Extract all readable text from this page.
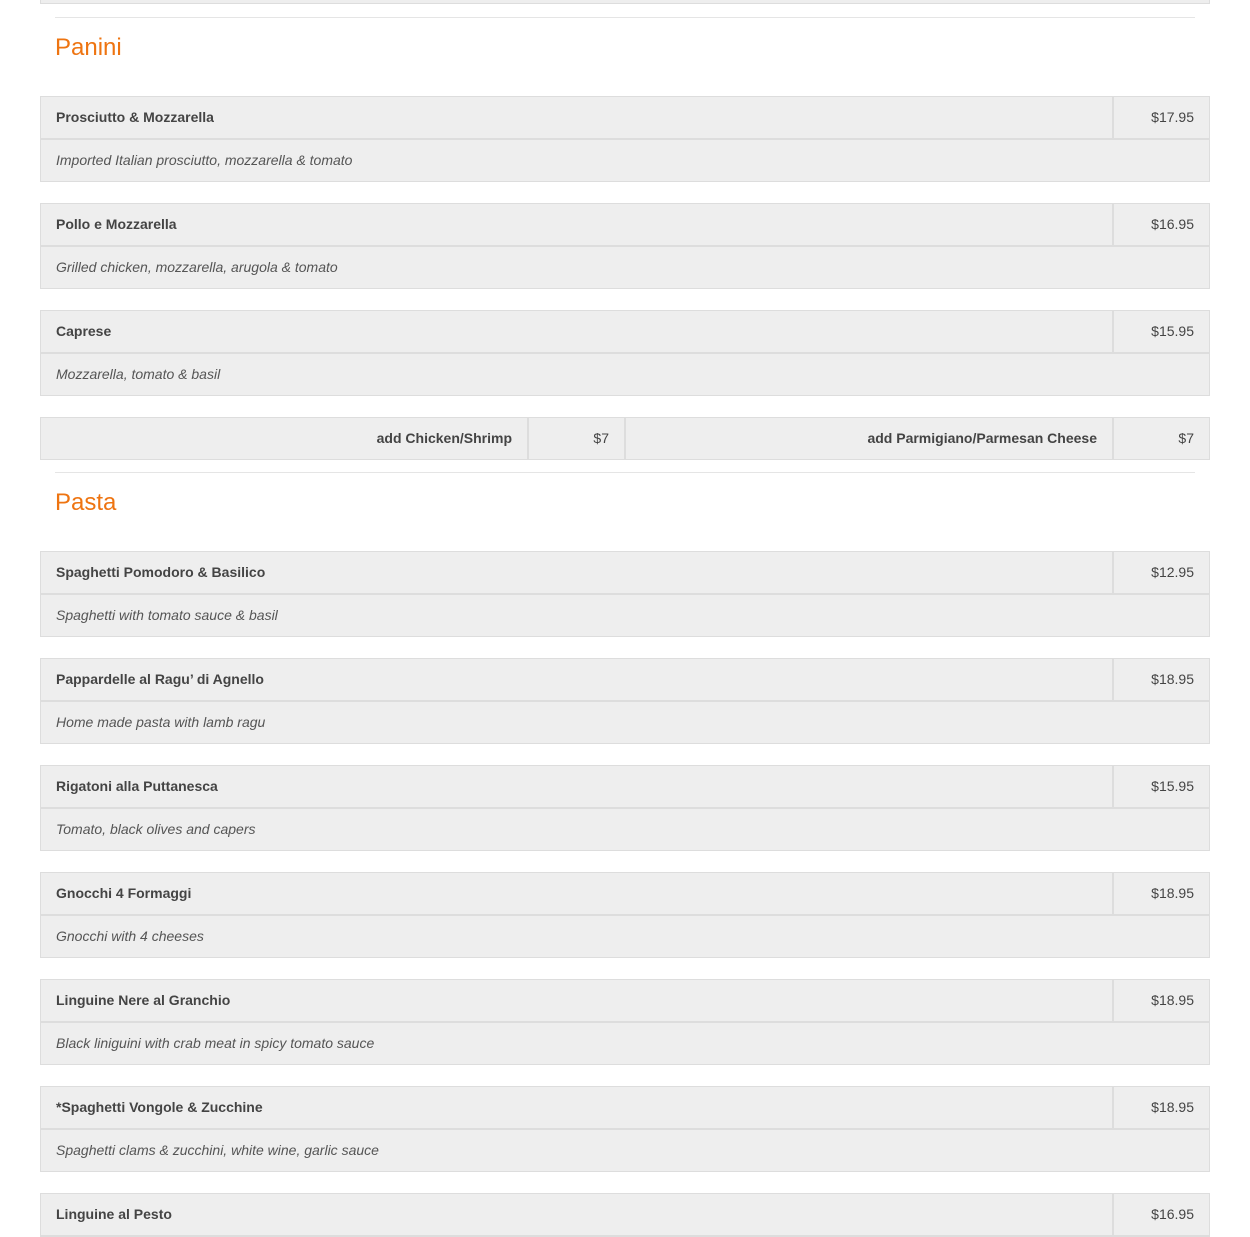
Panini
Prosciutto & Mozzarella	$17.95
Imported Italian prosciutto, mozzarella & tomato
Pollo e Mozzarella	$16.95
Grilled chicken, mozzarella, arugola & tomato
Caprese	$15.95
Mozzarella, tomato & basil
add Chicken/Shrimp	$7	add Parmigiano/Parmesan Cheese	$7
Pasta
Spaghetti Pomodoro & Basilico	$12.95
Spaghetti with tomato sauce & basil
Pappardelle al Ragu’ di Agnello	$18.95
Home made pasta with lamb ragu
Rigatoni alla Puttanesca	$15.95
Tomato, black olives and capers
Gnocchi 4 Formaggi	$18.95
Gnocchi with 4 cheeses
Linguine Nere al Granchio	$18.95
Black liniguini with crab meat in spicy tomato sauce
*Spaghetti Vongole & Zucchine	$18.95
Spaghetti clams & zucchini, white wine, garlic sauce
Linguine al Pesto	$16.95
